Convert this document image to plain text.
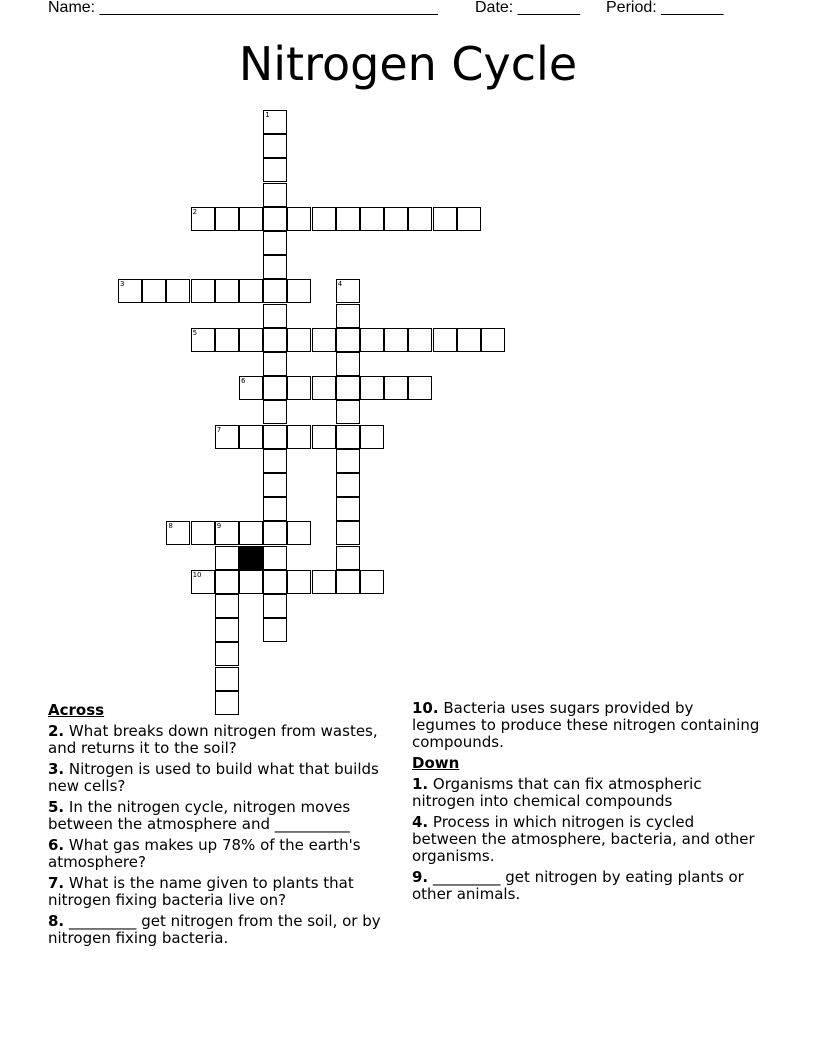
Name: ______________________________________ Date: _______ Period: _______
Nitrogen Cycle
2
3
5
6
7
8	9
10
1
4
Across
2. What breaks down nitrogen from wastes, and returns it to the soil?
3. Nitrogen is used to build what that builds new cells?
5. In the nitrogen cycle, nitrogen moves between the atmosphere and __________
6. What gas makes up 78% of the earth's atmosphere?
7. What is the name given to plants that nitrogen fixing bacteria live on?
8. _________ get nitrogen from the soil, or by nitrogen fixing bacteria.
10. Bacteria uses sugars provided by legumes to produce these nitrogen containing compounds.
Down
1. Organisms that can fix atmospheric nitrogen into chemical compounds
4. Process in which nitrogen is cycled between the atmosphere, bacteria, and other organisms.
9. _________ get nitrogen by eating plants or other animals.
